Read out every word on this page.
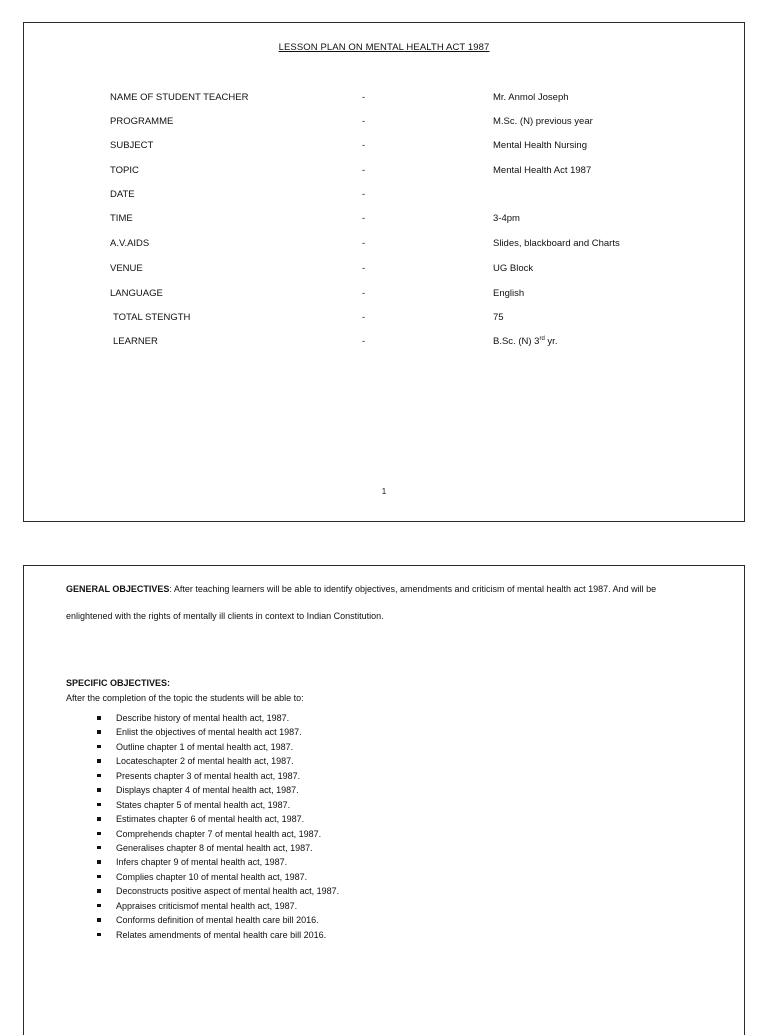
LESSON PLAN ON MENTAL HEALTH ACT 1987
NAME OF STUDENT TEACHER	-	Mr. Anmol Joseph
PROGRAMME	-	M.Sc. (N) previous year
SUBJECT	-	Mental Health Nursing
TOPIC	-	Mental Health Act 1987
DATE	-
TIME	-	3-4pm
A.V.AIDS	-	Slides, blackboard and Charts
VENUE	-	UG Block
LANGUAGE	-	English
TOTAL STENGTH	-	75
LEARNER	-	B.Sc. (N) 3rd yr.
1
GENERAL OBJECTIVES: After teaching learners will be able to identify objectives, amendments and criticism of mental health act 1987. And will be
enlightened with the rights of mentally ill clients in context to Indian Constitution.
SPECIFIC OBJECTIVES:
After the completion of the topic the students will be able to:
Describe history of mental health act, 1987.
Enlist the objectives of mental health act 1987.
Outline chapter 1 of mental health act, 1987.
Locateschapter 2 of mental health act, 1987.
Presents chapter 3 of mental health act, 1987.
Displays chapter 4 of mental health act, 1987.
States chapter 5 of mental health act, 1987.
Estimates chapter 6 of mental health act, 1987.
Comprehends chapter 7 of mental health act, 1987.
Generalises chapter 8 of mental health act, 1987.
Infers chapter 9 of mental health act, 1987.
Complies chapter 10 of mental health act, 1987.
Deconstructs positive aspect of mental health act, 1987.
Appraises criticismof mental health act, 1987.
Conforms definition of mental health care bill 2016.
Relates amendments of mental health care bill 2016.
